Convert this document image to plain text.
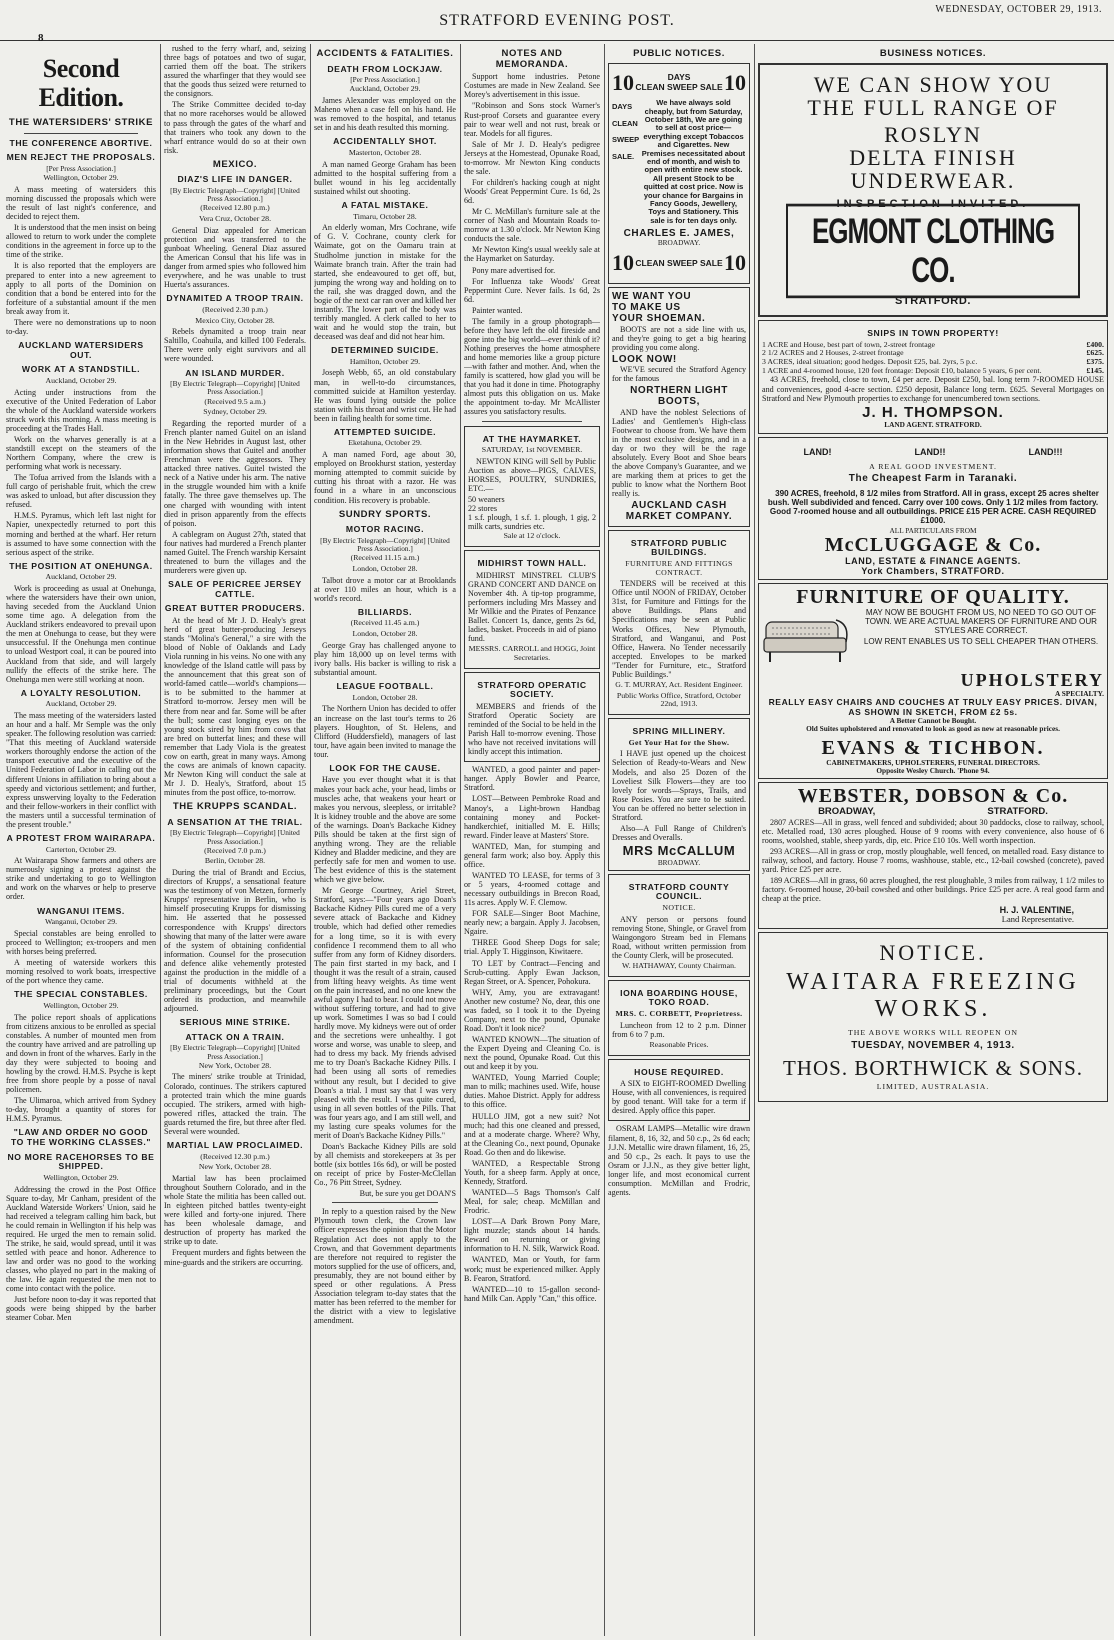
8
STRATFORD EVENING POST.
WEDNESDAY, OCTOBER 29, 1913.
Second Edition.
THE WATERSIDERS' STRIKE
THE CONFERENCE ABORTIVE.
MEN REJECT THE PROPOSALS.
[Per Press Association.]
Wellington, October 29.

A mass meeting of watersiders this morning discussed the proposals which were the result of last night's conference, and decided to reject them.

It is understood that the men insist on being allowed to return to work under the complete conditions in the agreement in force up to the time of the strike.

It is also reported that the employers are prepared to enter into a new agreement to apply to all ports of the Dominion on condition that a bond be entered into for the forfeiture of a substantial amount if the men break away from it.

There were no demonstrations up to noon to-day.

AUCKLAND WATERSIDERS OUT.
WORK AT A STANDSTILL.
Auckland, October 29.

Acting under instructions from the executive of the United Federation of Labor the whole of the Auckland waterside workers struck work this morning. A mass meeting is proceeding at the Trades Hall.

Work on the wharves generally is at a standstill except on the steamers of the Northern Company, where the crew is performing what work is necessary.

The Tofua arrived from the Islands with a full cargo of perishable fruit, which the crew was asked to unload, but after discussion they refused.

H.M.S. Pyramus, which left last night for Napier, unexpectedly returned to port this morning and berthed at the wharf. Her return is assumed to have some connection with the serious aspect of the strike.

THE POSITION AT ONEHUNGA.
Auckland, October 29.

Work is proceeding as usual at Onehunga, where the watersiders have their own union, having seceded from the Auckland Union some time ago. A delegation from the Auckland strikers endeavored to prevail upon the men at Onehunga to cease, but they were unsuccessful. If the Onehunga men continue to unload Westport coal, it can be poured into Auckland from that side, and will largely nullify the effects of the strike here. The Onehunga men were still working at noon.

A LOYALTY RESOLUTION.
Auckland, October 29.

The mass meeting of the watersiders lasted an hour and a half. Mr Semple was the only speaker. The following resolution was carried: "That this meeting of Auckland waterside workers thoroughly endorse the action of the transport executive and the executive of the United Federation of Labor in calling out the different Unions in affiliation to bring about a speedy and victorious settlement; and further, express unswerving loyalty to the Federation and their fellow-workers in their conflict with the masters until a successful termination of the present trouble."

A PROTEST FROM WAIRARAPA.
Carterton, October 29.

At Wairarapa Show farmers and others are numerously signing a protest against the strike and undertaking to go to Wellington and work on the wharves or help to preserve order.

WANGANUI ITEMS.
Wanganui, October 29.

Special constables are being enrolled to proceed to Wellington; ex-troopers and men with horses being preferred.

A meeting of waterside workers this morning resolved to work boats, irrespective of the port whence they came.

THE SPECIAL CONSTABLES.
Wellington, October 29.

The police report shoals of applications from citizens anxious to be enrolled as special constables. A number of mounted men from the country have arrived and are patrolling up and down in front of the wharves. Early in the day they were subjected to booing and howling by the crowd. H.M.S. Psyche is kept free from shore people by a posse of naval policemen.

The Ulimaroa, which arrived from Sydney to-day, brought a quantity of stores for H.M.S. Pyramus.

"LAW AND ORDER NO GOOD TO THE WORKING CLASSES."
NO MORE RACEHORSES TO BE SHIPPED.
Wellington, October 29.

Addressing the crowd in the Post Office Square to-day, Mr Canham, president of the Auckland Waterside Workers' Union, said he had received a telegram calling him back, but he could remain in Wellington if his help was required. He urged the men to remain solid. The strike, he said, would spread, until it was settled with peace and honor. Adherence to law and order was no good to the working classes, who played no part in the making of the law. He again requested the men not to come into contact with the police.

Just before noon to-day it was reported that goods were being shipped by the barber steamer Cobar. Men

rushed to the ferry wharf, and, seizing three bags of potatoes and two of sugar, carried them off the boat. The strikers assured the wharfinger that they would see that the goods thus seized were returned to the consignors.

The Strike Committee decided to-day that no more racehorses would be allowed to pass through the gates of the wharf and that trainers who took any down to the wharf entrance would do so at their own risk.

MEXICO.
DIAZ'S LIFE IN DANGER.
[By Electric Telegraph—Copyright] [United Press Association.]
(Received 12.80 p.m.)
Vera Cruz, October 28.

General Diaz appealed for American protection and was transferred to the gunboat Wheeling. General Diaz assured the American Consul that his life was in danger from armed spies who followed him everywhere, and he was unable to trust Huerta's assurances.

DYNAMITED A TROOP TRAIN.
(Received 2.30 p.m.)
Mexico City, October 28.

Rebels dynamited a troop train near Saltillo, Coahuila, and killed 100 Federals. There were only eight survivors and all were wounded.

AN ISLAND MURDER.
[By Electric Telegraph—Copyright] [United Press Association.]
(Received 9.5 a.m.)
Sydney, October 29.

Regarding the reported murder of a French planter named Guitel on an island in the New Hebrides in August last, other information shows that Guitel and another Frenchman were the aggressors. They attacked three natives. Guitel twisted the neck of a Native under his arm. The native in the struggle wounded him with a knife fatally. The three gave themselves up. The one charged with wounding with intent died in prison apparently from the effects of poison.

A cablegram on August 27th, stated that four natives had murdered a French planter named Guitel. The French warship Kersaint threatened to burn the villages and the murderers were given up.

SALE OF PERICREE JERSEY CATTLE.
GREAT BUTTER PRODUCERS.

At the head of Mr J. D. Healy's great herd of great butter-producing Jerseys stands "Molina's General," a sire with the blood of Noble of Oaklands and Lady Viola running in his veins. No one with any knowledge of the Island cattle will pass by the announcement that this great son of world-famed cattle—world's champions—is to be submitted to the hammer at Stratford to-morrow. Jersey men will be there from near and far. Some will be after the bull; some cast longing eyes on the young stock sired by him from cows that are bred on butterfat lines; and these will remember that Lady Viola is the greatest cow on earth, great in many ways. Among the cows are animals of known capacity. Mr Newton King will conduct the sale at Mr J. D. Healy's, Stratford, about 15 minutes from the post office, to-morrow.

THE KRUPPS SCANDAL.
A SENSATION AT THE TRIAL.
[By Electric Telegraph—Copyright] [United Press Association.]
(Received 7.0 p.m.)
Berlin, October 28.

During the trial of Brandt and Eccius, directors of Krupps', a sensational feature was the testimony of von Metzen, formerly Krupps' representative in Berlin, who is himself prosecuting Krupps for dismissing him. He asserted that he possessed correspondence with Krupps' directors showing that many of the latter were aware of the system of obtaining confidential information. Counsel for the prosecution and defence alike vehemently protested against the production in the middle of a trial of documents withheld at the preliminary proceedings, but the Court ordered its production, and meanwhile adjourned.

SERIOUS MINE STRIKE.
ATTACK ON A TRAIN.
[By Electric Telegraph—Copyright] [United Press Association.]
New York, October 28.

The miners' strike trouble at Trinidad, Colorado, continues. The strikers captured a protected train which the mine guards occupied. The strikers, armed with high-powered rifles, attacked the train. The guards returned the fire, but three after fled. Several were wounded.

MARTIAL LAW PROCLAIMED.
(Received 12.30 p.m.)
New York, October 28.

Martial law has been proclaimed throughout Southern Colorado, and in the whole State the militia has been called out. In eighteen pitched battles twenty-eight were killed and forty-one injured. There has been wholesale damage, and destruction of property has marked the strike up to date.

Frequent murders and fights between the mine-guards and the strikers are occurring.

ACCIDENTS & FATALITIES.
DEATH FROM LOCKJAW.
[Per Press Association.]
Auckland, October 29.

James Alexander was employed on the Maheno when a case fell on his hand. He was removed to the hospital, and tetanus set in and his death resulted this morning.

ACCIDENTALLY SHOT.
Masterton, October 28.

A man named George Graham has been admitted to the hospital suffering from a bullet wound in his leg accidentally sustained whilst out shooting.

A FATAL MISTAKE.
Timaru, October 28.

An elderly woman, Mrs Cochrane, wife of G. V. Cochrane, county clerk for Waimate, got on the Oamaru train at Studholme junction in mistake for the Waimate branch train. After the train had started, she endeavoured to get off, but, jumping the wrong way and holding on to the rail, she was dragged down, and the bogie of the next car ran over and killed her instantly. The lower part of the body was terribly mangled. A clerk called to her to wait and he would stop the train, but deceased was deaf and did not hear him.

DETERMINED SUICIDE.
Hamilton, October 29.

Joseph Webb, 65, an old constabulary man, in well-to-do circumstances, committed suicide at Hamilton yesterday. He was found lying outside the police station with his throat and wrist cut. He had been in failing health for some time.

ATTEMPTED SUICIDE.
Eketahuna, October 29.

A man named Ford, age about 30, employed on Brookhurst station, yesterday morning attempted to commit suicide by cutting his throat with a razor. He was found in a whare in an unconscious condition. His recovery is probable.

SUNDRY SPORTS.
MOTOR RACING.
[By Electric Telegraph—Copyright] [United Press Association.]
(Received 11.15 a.m.)
London, October 28.

Talbot drove a motor car at Brooklands at over 110 miles an hour, which is a world's record.

BILLIARDS.
(Received 11.45 a.m.)
London, October 28.

George Gray has challenged anyone to play him 18,000 up on level terms with ivory balls. His backer is willing to risk a substantial amount.

LEAGUE FOOTBALL.
London, October 28.

The Northern Union has decided to offer an increase on the last tour's terms to 26 players. Houghton, of St. Helens, and Clifford (Huddersfield), managers of last tour, have again been invited to manage the tour.

LOOK FOR THE CAUSE.

Have you ever thought what it is that makes your back ache, your head, limbs or muscles ache, that weakens your heart or makes you nervous, sleepless, or irritable? It is kidney trouble and the above are some of the warnings. Doan's Backache Kidney Pills should be taken at the first sign of anything wrong. They are the reliable Kidney and Bladder medicine, and they are perfectly safe for men and women to use. The best evidence of this is the statement which we give below.

Mr George Courtney, Ariel Street, Stratford, says:—"Four years ago Doan's Backache Kidney Pills cured me of a very severe attack of Backache and Kidney trouble, which had defied other remedies for a long time, so it is with every confidence I recommend them to all who suffer from any form of Kidney disorders. The pain first started in my back, and I thought it was the result of a strain, caused from lifting heavy weights. As time went on the pain increased, and no one knew the awful agony I had to bear. I could not move without suffering torture, and had to give up work. Sometimes I was so bad I could hardly move. My kidneys were out of order and the secretions were unhealthy. I got worse and worse, was unable to sleep, and had to dress my back. My friends advised me to try Doan's Backache Kidney Pills. I had been using all sorts of remedies without any result, but I decided to give Doan's a trial. I must say that I was very pleased with the result. I was quite cured, using in all seven bottles of the Pills. That was four years ago, and I am still well, and my lasting cure speaks volumes for the merit of Doan's Backache Kidney Pills."

Doan's Backache Kidney Pills are sold by all chemists and storekeepers at 3s per bottle (six bottles 16s 6d), or will be posted on receipt of price by Foster-McClellan Co., 76 Pitt Street, Sydney.

But, be sure you get DOAN'S

In reply to a question raised by the New Plymouth town clerk, the Crown law officer expresses the opinion that the Motor Regulation Act does not apply to the Crown, and that Government departments are therefore not required to register the motors supplied for the use of officers, and, presumably, they are not bound either by speed or other regulations. A Press Association telegram to-day states that the matter has been referred to the member for the district with a view to legislative amendment.

NOTES AND MEMORANDA.

Support home industries. Petone Costumes are made in New Zealand. See Morey's advertisement in this issue.

"Robinson and Sons stock Warner's Rust-proof Corsets and guarantee every pair to wear well and not rust, break or tear. Models for all figures.

Sale of Mr J. D. Healy's pedigree Jerseys at the Homestead, Opunake Road, to-morrow. Mr Newton King conducts the sale.

For children's hacking cough at night Woods' Great Peppermint Cure. 1s 6d, 2s 6d.

Mr C. McMillan's furniture sale at the corner of Nash and Mountain Roads to-morrow at 1.30 o'clock. Mr Newton King conducts the sale.

Mr Newton King's usual weekly sale at the Haymarket on Saturday.

Pony mare advertised for.

For Influenza take Woods' Great Peppermint Cure. Never fails. 1s 6d, 2s 6d.

Painter wanted.

The family in a group photograph—before they have left the old fireside and gone into the big world—ever think of it? Nothing preserves the home atmosphere and home memories like a group picture—with father and mother. And, when the family is scattered, how glad you will be that you had it done in time. Photography almost puts this obligation on us. Make the appointment to-day. Mr McAllister assures you satisfactory results.

AT THE HAYMARKET.
SATURDAY, 1st NOVEMBER.

NEWTON KING will Sell by Public Auction as above—PIGS, CALVES, HORSES, POULTRY, SUNDRIES, ETC.—

50 weaners
22 stores
1 s.f. plough, 1 s.f. 1. plough, 1 gig, 2 milk carts, sundries etc.
Sale at 12 o'clock.
MIDHIRST TOWN HALL.

MIDHIRST MINSTREL CLUB'S GRAND CONCERT AND DANCE on November 4th. A tip-top programme, performers including Mrs Massey and Mr Wilkie and the Pirates of Penzance Ballet. Concert 1s, dance, gents 2s 6d, ladies, basket. Proceeds in aid of piano fund.

MESSRS. CARROLL and HOGG, Joint Secretaries.
STRATFORD OPERATIC SOCIETY.

MEMBERS and friends of the Stratford Operatic Society are reminded of the Social to be held in the Parish Hall to-morrow evening. Those who have not received invitations will kindly accept this intimation.

WANTED, a good painter and paper-hanger. Apply Bowler and Pearce, Stratford.

LOST—Between Pembroke Road and Manoy's, a Light-brown Handbag containing money and Pocket-handkerchief, initialled M. E. Hills; reward. Finder leave at Masters' Store.

WANTED, Man, for stumping and general farm work; also boy. Apply this office.

WANTED TO LEASE, for terms of 3 or 5 years, 4-roomed cottage and necessary outbuildings in Brecon Road, 11s acres. Apply W. F. Clemow.

FOR SALE—Singer Boot Machine, nearly new; a bargain. Apply J. Jacobsen, Ngaire.

THREE Good Sheep Dogs for sale; trial. Apply T. Higginson, Kiwitaere.

TO LET by Contract—Fencing and Scrub-cutting. Apply Ewan Jackson, Regan Street, or A. Spencer, Pohokura.

WHY, Amy, you are extravagant! Another new costume? No, dear, this one was faded, so I took it to the Dyeing Company, next to the pound, Opunake Road. Don't it look nice?

WANTED KNOWN—The situation of the Expert Dyeing and Cleaning Co. is next the pound, Opunake Road. Cut this out and keep it by you.

WANTED, Young Married Couple; man to milk; machines used. Wife, house duties. Mahoe District. Apply for address to this office.

HULLO JIM, got a new suit? Not much; had this one cleaned and pressed, and at a moderate charge. Where? Why, at the Cleaning Co., next pound, Opunake Road. Go then and do likewise.

WANTED, a Respectable Strong Youth, for a sheep farm. Apply at once, Kennedy, Stratford.

WANTED—5 Bags Thomson's Calf Meal, for sale; cheap. McMillan and Frodric.

LOST—A Dark Brown Pony Mare, light muzzle; stands about 14 hands. Reward on returning or giving information to H. N. Silk, Warwick Road.

WANTED, Man or Youth, for farm work; must be experienced milker. Apply B. Fearon, Stratford.

WANTED—10 to 15-gallon second-hand Milk Can. Apply "Can," this office.

PUBLIC NOTICES.
10	DAYS
CLEAN SWEEP SALE 10
DAYS CLEAN SWEEP SALE.
We have always sold cheaply, but from Saturday, October 18th, We are going to sell at cost price—everything except Tobaccos and Cigarettes. New Premises necessitated about end of month, and wish to open with entire new stock. All present Stock to be quitted at cost price. Now is your chance for Bargains in Fancy Goods, Jewellery, Toys and Stationery. This sale is for ten days only.
CHARLES E. JAMES,
BROADWAY.
10 CLEAN SWEEP SALE 10
WE WANT YOU
TO MAKE US
YOUR SHOEMAN.

BOOTS are not a side line with us, and they're going to get a big hearing providing you come along.

LOOK NOW!

WE'VE secured the Stratford Agency for the famous

NORTHERN LIGHT BOOTS,

AND have the noblest Selections of Ladies' and Gentlemen's High-class Footwear to choose from. We have them in the most exclusive designs, and in a day or two they will be the rage absolutely. Every Boot and Shoe bears the above Company's Guarantee, and we are marking them at prices to get the public to know what the Northern Boot really is.

AUCKLAND CASH MARKET COMPANY.
STRATFORD PUBLIC BUILDINGS.
FURNITURE AND FITTINGS CONTRACT.

TENDERS will be received at this Office until NOON of FRIDAY, October 31st, for Furniture and Fittings for the above Buildings. Plans and Specifications may be seen at Public Works Offices, New Plymouth, Stratford, and Wanganui, and Post Office, Hawera. No Tender necessarily accepted. Envelopes to be marked "Tender for Furniture, etc., Stratford Public Buildings."

G. T. MURRAY, Act. Resident Engineer.
Public Works Office, Stratford, October 22nd, 1913.
SPRING MILLINERY.
Get Your Hat for the Show.

I HAVE just opened up the choicest Selection of Ready-to-Wears and New Models, and also 25 Dozen of the Loveliest Silk Flowers—they are too lovely for words—Sprays, Trails, and Rose Posies. You are sure to be suited. You can be offered no better selection in Stratford.

Also—A Full Range of Children's Dresses and Overalls.

MRS McCALLUM
BROADWAY.
STRATFORD COUNTY COUNCIL.
NOTICE.

ANY person or persons found removing Stone, Shingle, or Gravel from Waingongoro Stream bed in Flemans Road, without written permission from the County Clerk, will be prosecuted.

W. HATHAWAY, County Chairman.
IONA BOARDING HOUSE, TOKO ROAD.
MRS. C. CORBETT, Proprietress.

Luncheon from 12 to 2 p.m. Dinner from 6 to 7 p.m.

Reasonable Prices.
HOUSE REQUIRED.

A SIX to EIGHT-ROOMED Dwelling House, with all conveniences, is required by good tenant. Will take for a term if desired. Apply office this paper.

OSRAM LAMPS—Metallic wire drawn filament, 8, 16, 32, and 50 c.p., 2s 6d each; J.J.N. Metallic wire drawn filament, 16, 25, and 50 c.p., 2s each. It pays to use the Osram or J.J.N., as they give better light, longer life, and most economical current consumption. McMillan and Frodric, agents.

BUSINESS NOTICES.
WE CAN SHOW YOU
THE FULL RANGE OF
ROSLYN
DELTA FINISH
UNDERWEAR.
INSPECTION INVITED.
EGMONT CLOTHING CO.
STRATFORD.
SNIPS IN TOWN PROPERTY!
1 ACRE and House, best part of town, 2-street frontage	£400.
2 1/2 ACRES and 2 Houses, 2-street frontage	£625.
3 ACRES, ideal situation; good hedges. Deposit £25, bal. 2yrs, 5 p.c.	£375.
1 ACRE and 4-roomed house, 120 feet frontage: Deposit £10, balance 5 years, 6 per cent.	£145.

43 ACRES, freehold, close to town, £4 per acre. Deposit £250, bal. long term 7-ROOMED HOUSE and conveniences, good 4-acre section. £250 deposit, Balance long term. £625. Several Mortgages on Stratford and New Plymouth properties to exchange for unencumbered town sections.

J. H. THOMPSON.
LAND AGENT. STRATFORD.
LAND!	LAND!!	LAND!!!
A REAL GOOD INVESTMENT.
The Cheapest Farm in Taranaki.

390 ACRES, freehold, 8 1/2 miles from Stratford. All in grass, except 25 acres shelter bush. Well subdivided and fenced. Carry over 100 cows. Only 1 1/2 miles from factory. Good 7-roomed house and all outbuildings. PRICE £15 PER ACRE. CASH REQUIRED £1000.

ALL PARTICULARS FROM
McCLUGGAGE & Co.
LAND, ESTATE & FINANCE AGENTS.
York Chambers, STRATFORD.
FURNITURE OF QUALITY.

MAY NOW BE BOUGHT FROM US, NO NEED TO GO OUT OF TOWN. WE ARE ACTUAL MAKERS OF FURNITURE AND OUR STYLES ARE CORRECT.

LOW RENT ENABLES US TO SELL CHEAPER THAN OTHERS.

UPHOLSTERY
A SPECIALTY.
REALLY EASY CHAIRS AND COUCHES AT TRULY EASY PRICES. DIVAN, AS SHOWN IN SKETCH, FROM £2 5s.
A Better Cannot be Bought.
Old Suites upholstered and renovated to look as good as new at reasonable prices.
EVANS & TICHBON.
CABINETMAKERS, UPHOLSTERERS, FUNERAL DIRECTORS.
Opposite Wesley Church. 'Phone 94.
WEBSTER, DOBSON & Co.
BROADWAY,	STRATFORD.

2807 ACRES—All in grass, well fenced and subdivided; about 30 paddocks, close to railway, school, etc. Metalled road, 130 acres ploughed. House of 9 rooms with every convenience, also house of 6 rooms, woolshed, stable, sheep yards, dip, etc. Price £10 10s. Well worth inspection.

293 ACRES—All in grass or crop, mostly ploughable, well fenced, on metalled road. Easy distance to railway, school, and factory. House 7 rooms, washhouse, stable, etc., 12-bail cowshed (concrete), paved yard. Price £25 per acre.

189 ACRES—All in grass, 60 acres ploughed, the rest ploughable, 3 miles from railway, 1 1/2 miles to factory. 6-roomed house, 20-bail cowshed and other buildings. Price £25 per acre. A real good farm and cheap at the price.

H. J. VALENTINE,
Land Representative.
NOTICE.
WAITARA FREEZING
WORKS.
THE ABOVE WORKS WILL REOPEN ON
TUESDAY, NOVEMBER 4, 1913.
THOS. BORTHWICK & SONS.
LIMITED, AUSTRALASIA.
